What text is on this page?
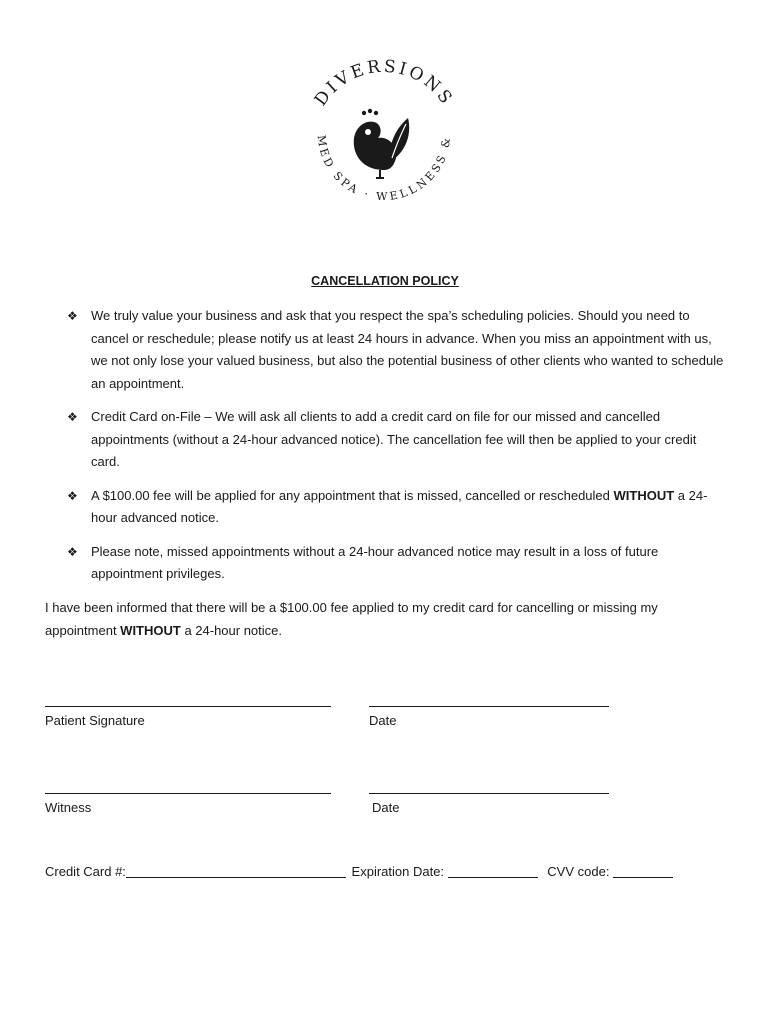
DIVERSIONS
MED SPA · WELLNESS &
CANCELLATION POLICY
❖ We truly value your business and ask that you respect the spa’s scheduling policies. Should you need to cancel or reschedule; please notify us at least 24 hours in advance. When you miss an appointment with us, we not only lose your valued business, but also the potential business of other clients who wanted to schedule an appointment.
❖ Credit Card on-File – We will ask all clients to add a credit card on file for our missed and cancelled appointments (without a 24-hour advanced notice). The cancellation fee will then be applied to your credit card.
❖ A $100.00 fee will be applied for any appointment that is missed, cancelled or rescheduled WITHOUT a 24-hour advanced notice.
❖ Please note, missed appointments without a 24-hour advanced notice may result in a loss of future appointment privileges.
I have been informed that there will be a $100.00 fee applied to my credit card for cancelling or missing my appointment WITHOUT a 24-hour notice.
Patient Signature	Date
Witness	Date
Credit Card #:	Expiration Date:	CVV code:
